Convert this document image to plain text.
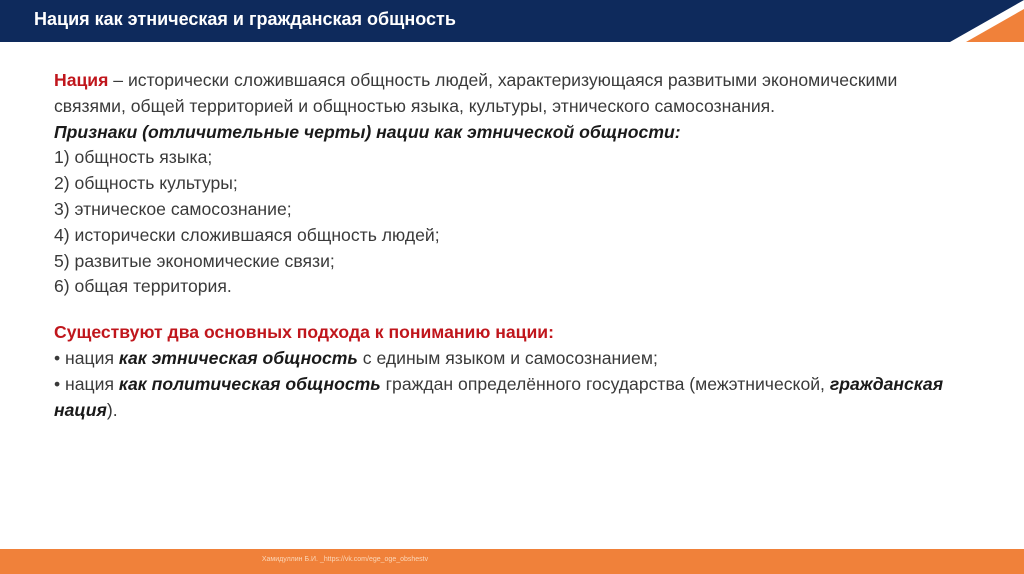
Нация как этническая и гражданская общность

Нация – исторически сложившаяся общность людей, характеризующаяся развитыми экономическими связями, общей территорией и общностью языка, культуры, этнического самосознания.

Признаки (отличительные черты) нации как этнической общности:

1) общность языка;

2) общность культуры;

3) этническое самосознание;

4) исторически сложившаяся общность людей;

5) развитые экономические связи;

6) общая территория.

Существуют два основных подхода к пониманию нации:

• нация как этническая общность с единым языком и самосознанием;

• нация как политическая общность граждан определённого государства (межэтнической, гражданская нация).

Хамидуллин Б.И. _https://vk.com/ege_oge_obshestv
